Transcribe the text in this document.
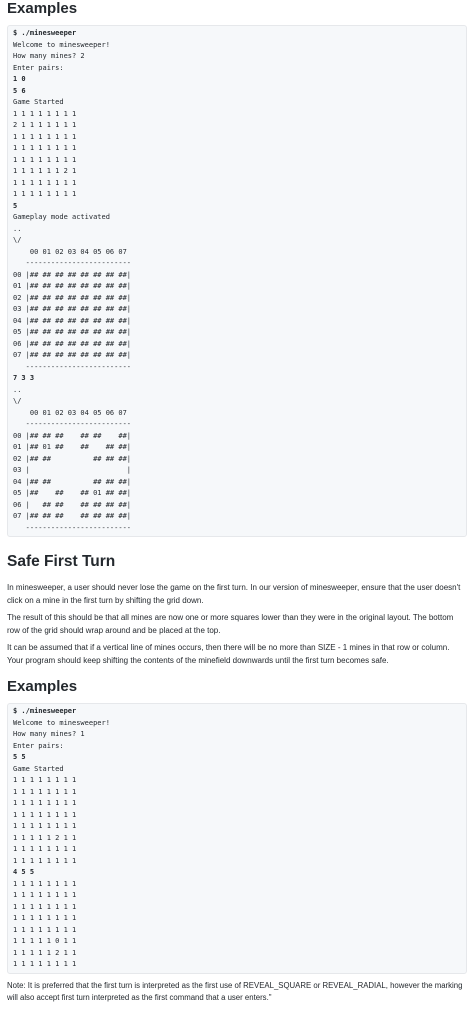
Examples
$ ./minesweeper
Welcome to minesweeper!
How many mines? 2
Enter pairs:
1 0
5 6
Game Started
1 1 1 1 1 1 1 1
2 1 1 1 1 1 1 1
1 1 1 1 1 1 1 1
1 1 1 1 1 1 1 1
1 1 1 1 1 1 1 1
1 1 1 1 1 1 2 1
1 1 1 1 1 1 1 1
1 1 1 1 1 1 1 1
5
Gameplay mode activated
..
\/
00 01 02 03 04 05 06 07
-------------------------
00 |## ## ## ## ## ## ## ##|
01 |## ## ## ## ## ## ## ##|
02 |## ## ## ## ## ## ## ##|
03 |## ## ## ## ## ## ## ##|
04 |## ## ## ## ## ## ## ##|
05 |## ## ## ## ## ## ## ##|
06 |## ## ## ## ## ## ## ##|
07 |## ## ## ## ## ## ## ##|
-------------------------
7 3 3
..
\/
00 01 02 03 04 05 06 07
-------------------------
00 |## ## ##    ## ##    ##|
01 |## 01 ##    ##    ## ##|
02 |## ##          ## ## ##|
03 |                       |
04 |## ##          ## ## ##|
05 |##    ##    ## 01 ## ##|
06 |   ## ##    ## ## ## ##|
07 |## ## ##    ## ## ## ##|
-------------------------
Safe First Turn

In minesweeper, a user should never lose the game on the first turn. In our version of minesweeper, ensure that the user doesn't click on a mine in the first turn by shifting the grid down.

The result of this should be that all mines are now one or more squares lower than they were in the original layout. The bottom row of the grid should wrap around and be placed at the top.

It can be assumed that if a vertical line of mines occurs, then there will be no more than SIZE - 1 mines in that row or column. Your program should keep shifting the contents of the minefield downwards until the first turn becomes safe.

Examples
$ ./minesweeper
Welcome to minesweeper!
How many mines? 1
Enter pairs:
5 5
Game Started
1 1 1 1 1 1 1 1
1 1 1 1 1 1 1 1
1 1 1 1 1 1 1 1
1 1 1 1 1 1 1 1
1 1 1 1 1 1 1 1
1 1 1 1 1 2 1 1
1 1 1 1 1 1 1 1
1 1 1 1 1 1 1 1
4 5 5
1 1 1 1 1 1 1 1
1 1 1 1 1 1 1 1
1 1 1 1 1 1 1 1
1 1 1 1 1 1 1 1
1 1 1 1 1 1 1 1
1 1 1 1 1 0 1 1
1 1 1 1 1 2 1 1
1 1 1 1 1 1 1 1

Note: It is preferred that the first turn is interpreted as the first use of REVEAL_SQUARE or REVEAL_RADIAL, however the marking will also accept first turn interpreted as the first command that a user enters."
